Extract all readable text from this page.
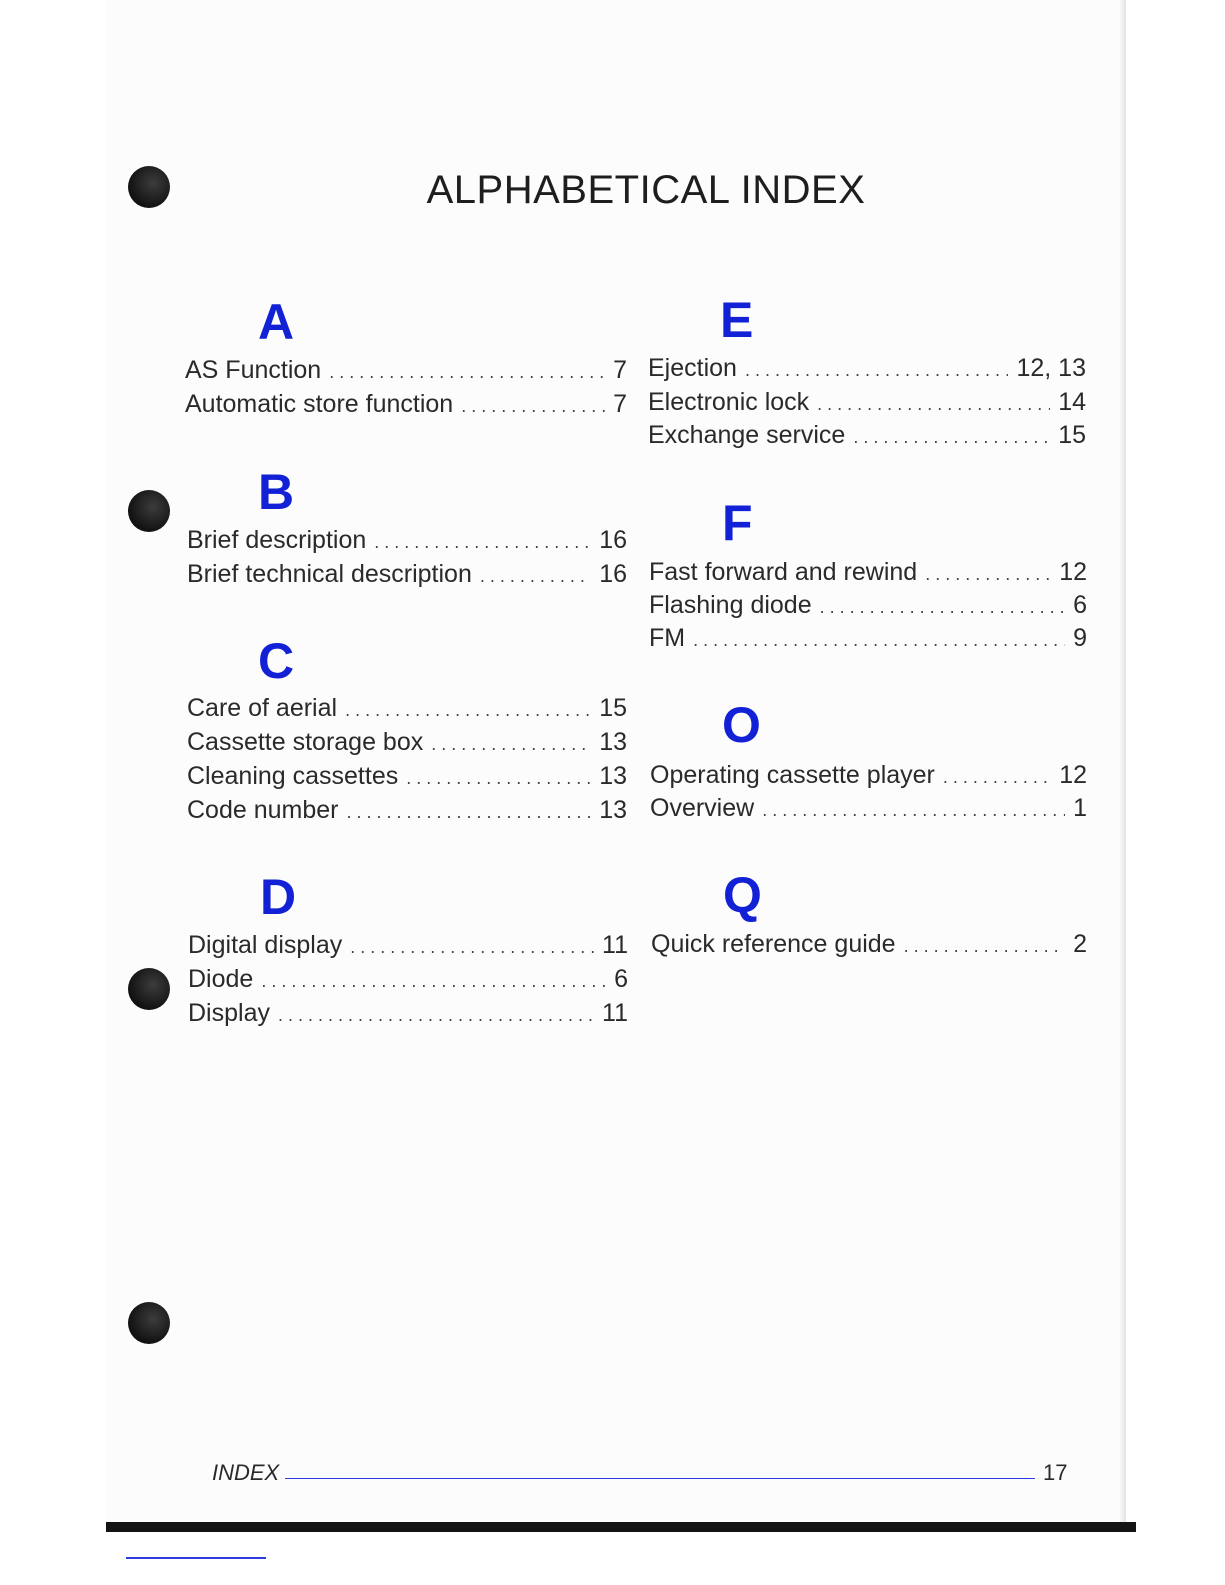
ALPHABETICAL INDEX
A
AS Function . . .	7
Automatic store function . . .	7
B
Brief description . . .	16
Brief technical description . . .	16
C
Care of aerial . . .	15
Cassette storage box . . .	13
Cleaning cassettes . . .	13
Code number . . .	13
D
Digital display . . .	11
Diode . . .	6
Display . . .	11
E
Ejection . . .	12, 13
Electronic lock . . .	14
Exchange service . . .	15
F
Fast forward and rewind . . .	12
Flashing diode . . .	6
FM . . .	9
O
Operating cassette player . . .	12
Overview . . .	1
Q
Quick reference guide . . .	2
INDEX	17
